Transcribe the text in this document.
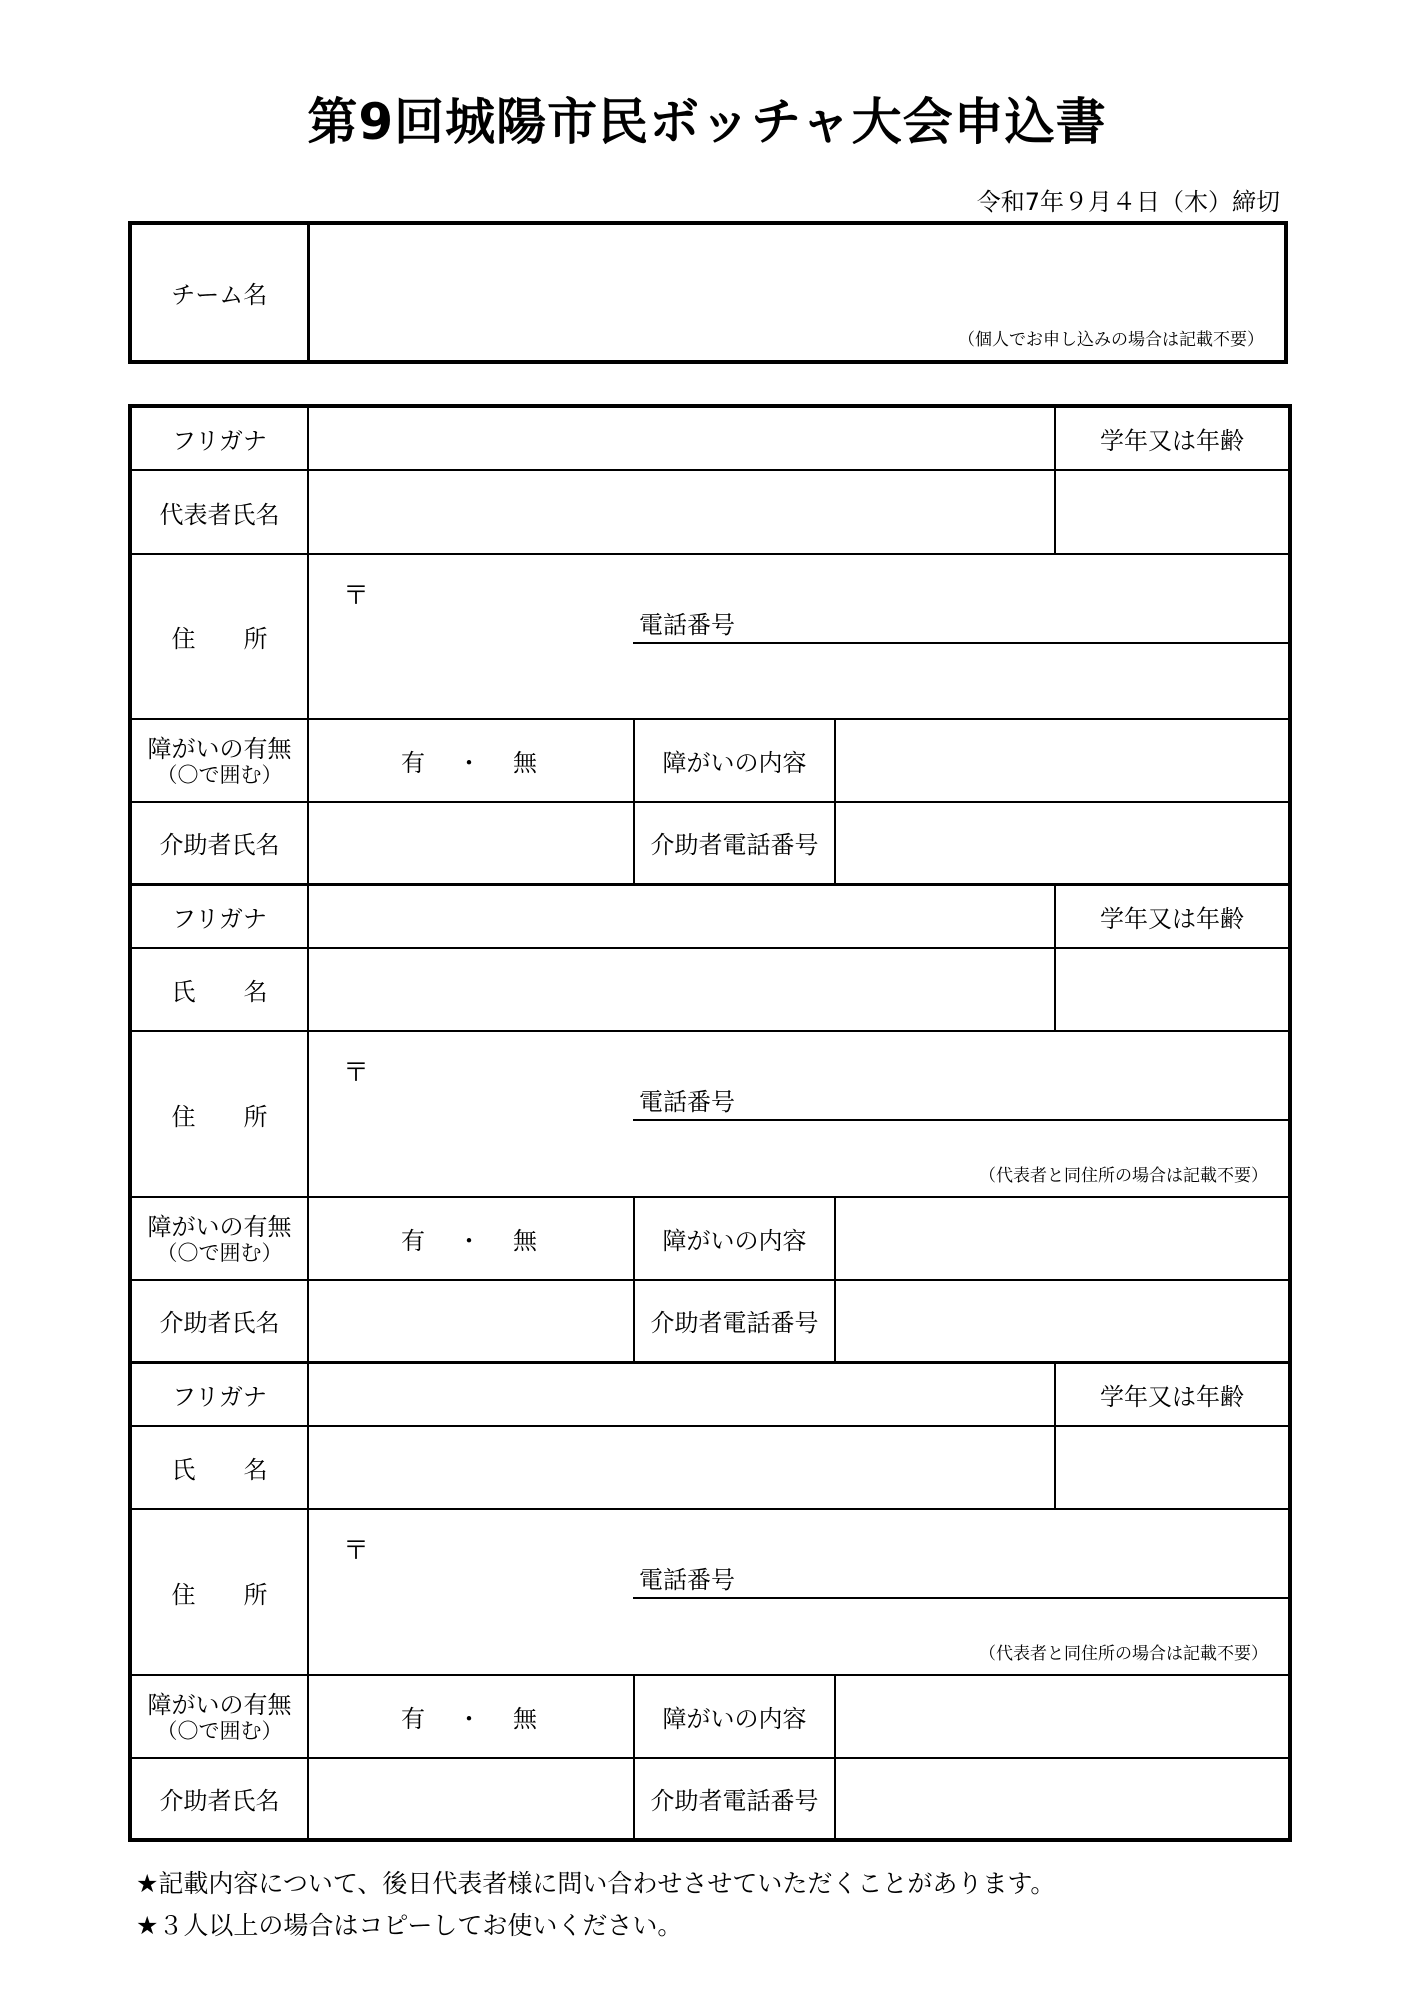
第9回城陽市民ボッチャ大会申込書
令和7年９月４日（木）締切
チーム名	
（個人でお申し込みの場合は記載不要）
フリガナ				学年又は年齢
代表者氏名				
住　　所	〒
電話番号			

障がいの有無
（〇で囲む）	有　・　無	障がいの内容		
介助者氏名		介助者電話番号		
フリガナ				学年又は年齢
氏　　名				
住　　所	〒
電話番号
（代表者と同住所の場合は記載不要）			

障がいの有無
（〇で囲む）	有　・　無	障がいの内容		
介助者氏名		介助者電話番号		
フリガナ				学年又は年齢
氏　　名				
住　　所	〒
電話番号
（代表者と同住所の場合は記載不要）			

障がいの有無
（〇で囲む）	有　・　無	障がいの内容		
介助者氏名		介助者電話番号		
★記載内容について、後日代表者様に問い合わせさせていただくことがあります。
★３人以上の場合はコピーしてお使いください。
